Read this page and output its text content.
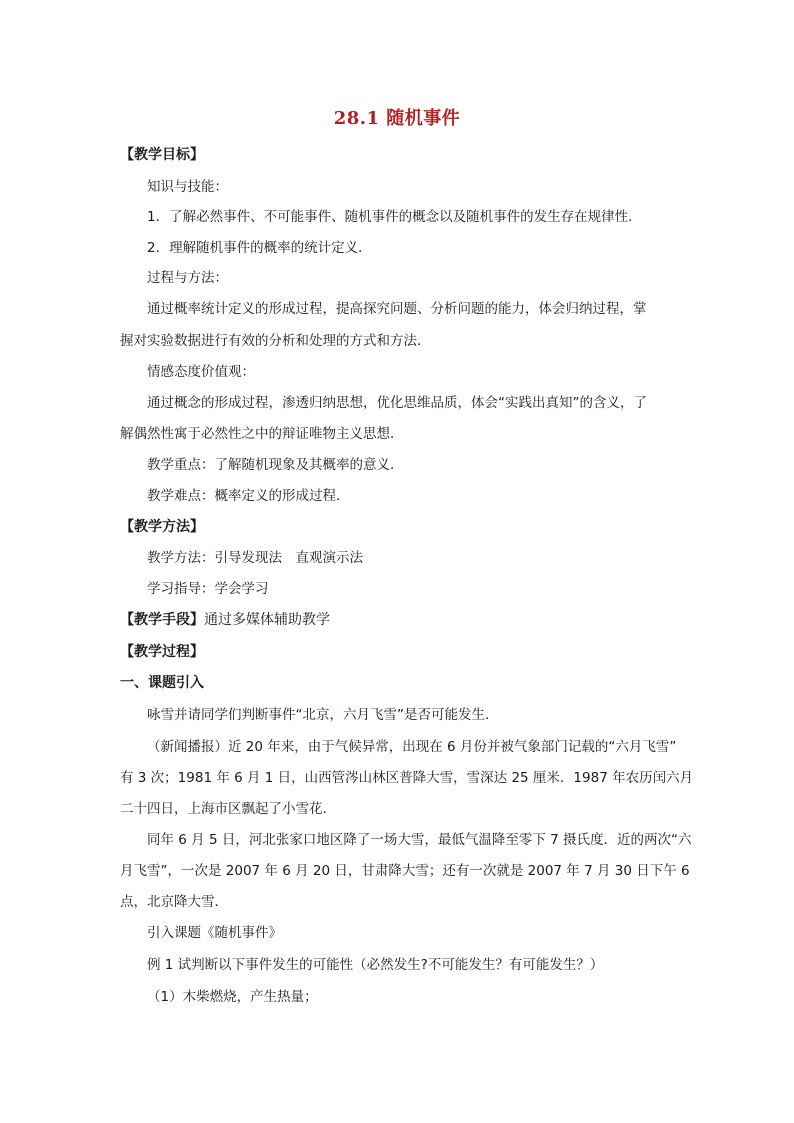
28.1 随机事件
【教学目标】
知识与技能：
1．了解必然事件、不可能事件、随机事件的概念以及随机事件的发生存在规律性．
2．理解随机事件的概率的统计定义．
过程与方法：
通过概率统计定义的形成过程，提高探究问题、分析问题的能力，体会归纳过程，掌
握对实验数据进行有效的分析和处理的方式和方法．
情感态度价值观：
通过概念的形成过程，渗透归纳思想，优化思维品质，体会“实践出真知”的含义，了
解偶然性寓于必然性之中的辩证唯物主义思想．
教学重点：了解随机现象及其概率的意义．
教学难点：概率定义的形成过程．
【教学方法】
教学方法：引导发现法　直观演示法
学习指导：学会学习
【教学手段】通过多媒体辅助教学
【教学过程】
一、课题引入
咏雪并请同学们判断事件“北京，六月飞雪”是否可能发生．
（新闻播报）近 20 年来，由于气候异常，出现在 6 月份并被气象部门记载的“六月飞雪”
有 3 次；1981 年 6 月 1 日，山西管涔山林区普降大雪，雪深达 25 厘米．1987 年农历闰六月
二十四日，上海市区飘起了小雪花．
同年 6 月 5 日，河北张家口地区降了一场大雪，最低气温降至零下 7 摄氏度．近的两次“六
月飞雪”，一次是 2007 年 6 月 20 日，甘肃降大雪；还有一次就是 2007 年 7 月 30 日下午 6
点，北京降大雪．
引入课题《随机事件》
例 1 试判断以下事件发生的可能性（必然发生?不可能发生？有可能发生？）
（1）木柴燃烧，产生热量；
